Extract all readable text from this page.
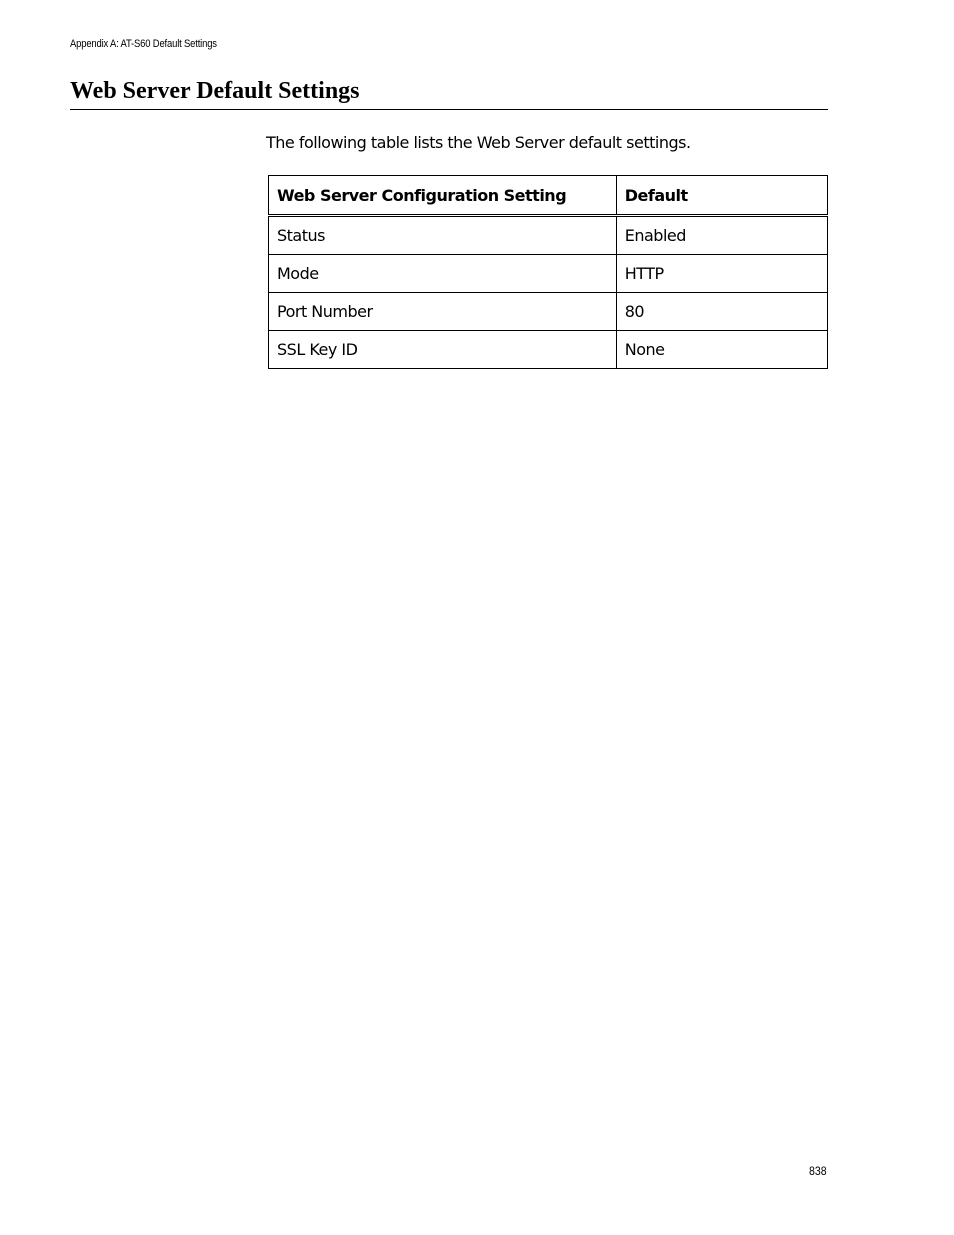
Appendix A: AT-S60 Default Settings
Web Server Default Settings

The following table lists the Web Server default settings.

Web Server Configuration Setting	Default
Status	Enabled
Mode	HTTP
Port Number	80
SSL Key ID	None
838
